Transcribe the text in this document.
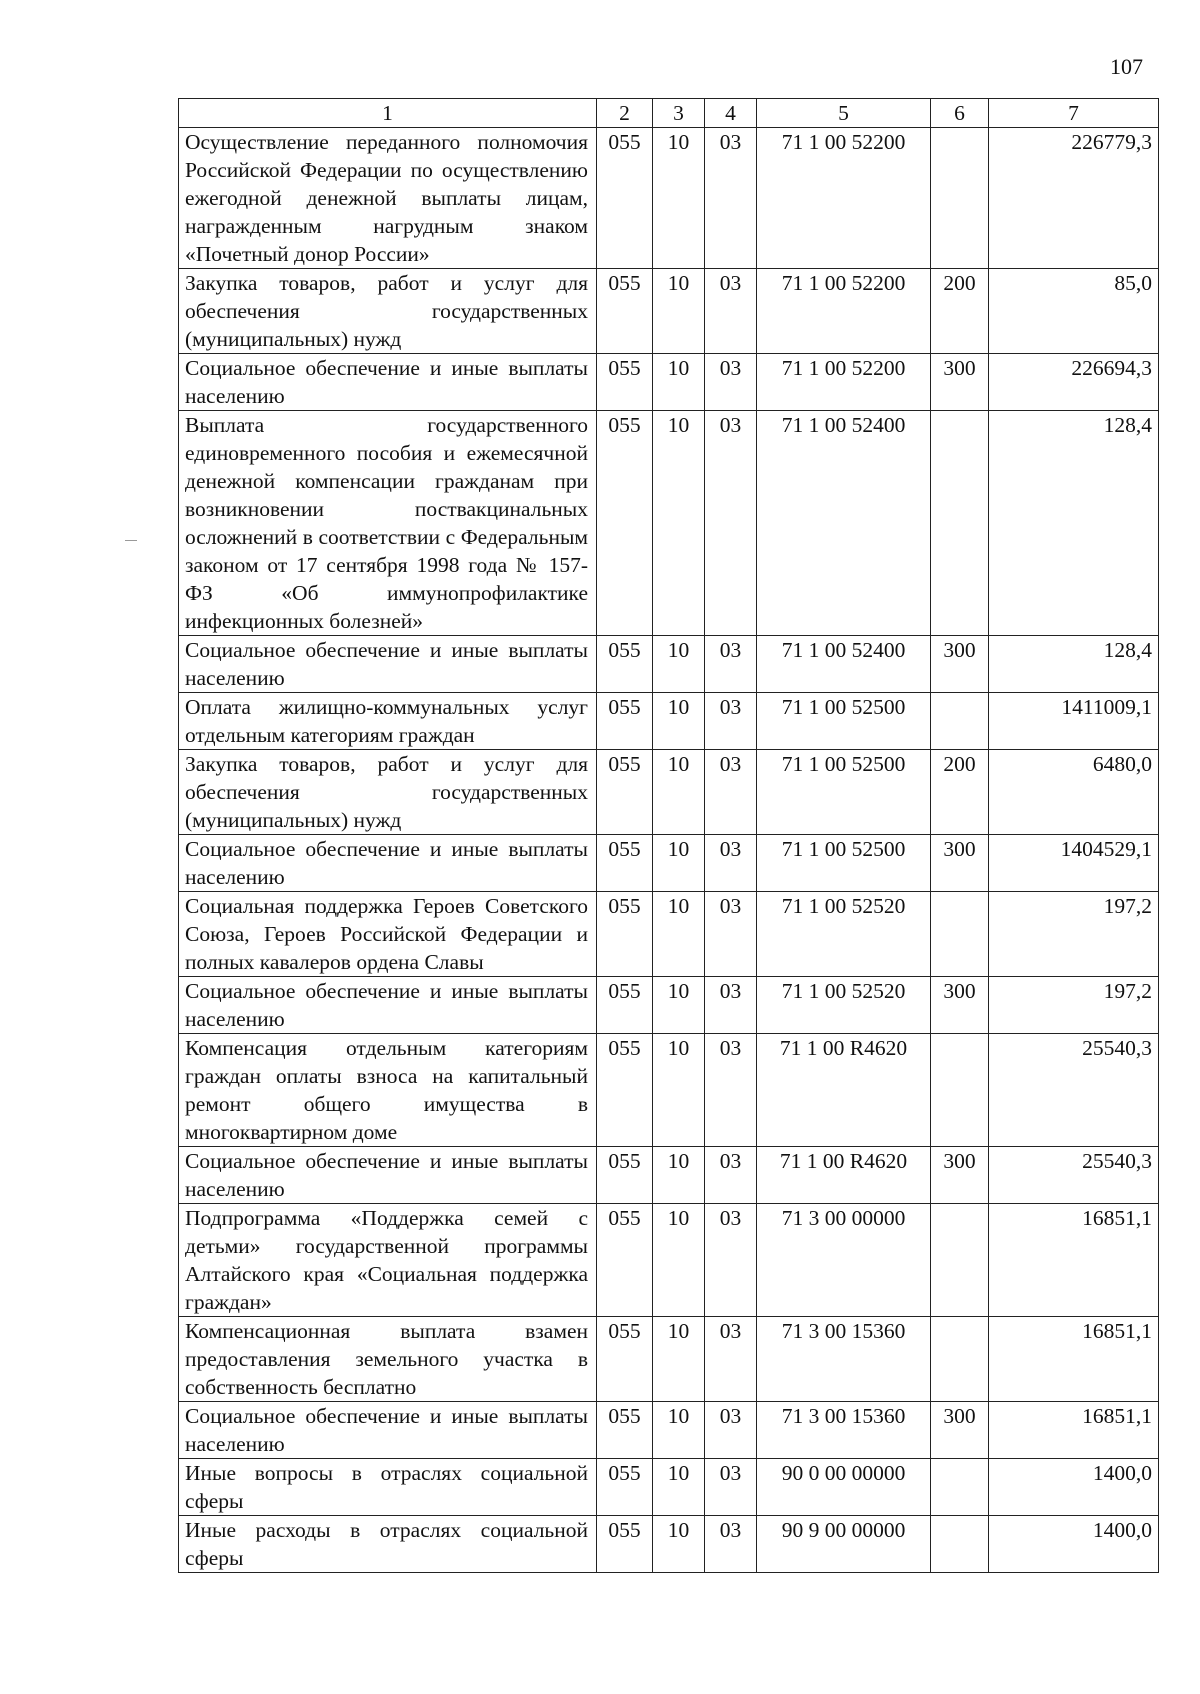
107
1	2	3	4	5	6	7
Осуществление переданного полномочия Российской Федерации по осуществлению ежегодной денежной выплаты лицам, награжденным нагрудным знаком «Почетный донор России»	055	10	03	71 1 00 52200		226779,3
Закупка товаров, работ и услуг для обеспечения государственных (муниципальных) нужд	055	10	03	71 1 00 52200	200	85,0
Социальное обеспечение и иные выплаты населению	055	10	03	71 1 00 52200	300	226694,3
Выплата государственного единовременного пособия и ежемесячной денежной компенсации гражданам при возникновении поствакцинальных осложнений в соответствии с Федеральным законом от 17 сентября 1998 года № 157-ФЗ «Об иммунопрофилактике инфекционных болезней»	055	10	03	71 1 00 52400		128,4
Социальное обеспечение и иные выплаты населению	055	10	03	71 1 00 52400	300	128,4
Оплата жилищно-коммунальных услуг отдельным категориям граждан	055	10	03	71 1 00 52500		1411009,1
Закупка товаров, работ и услуг для обеспечения государственных (муниципальных) нужд	055	10	03	71 1 00 52500	200	6480,0
Социальное обеспечение и иные выплаты населению	055	10	03	71 1 00 52500	300	1404529,1
Социальная поддержка Героев Советского Союза, Героев Российской Федерации и полных кавалеров ордена Славы	055	10	03	71 1 00 52520		197,2
Социальное обеспечение и иные выплаты населению	055	10	03	71 1 00 52520	300	197,2
Компенсация отдельным категориям граждан оплаты взноса на капитальный ремонт общего имущества в многоквартирном доме	055	10	03	71 1 00 R4620		25540,3
Социальное обеспечение и иные выплаты населению	055	10	03	71 1 00 R4620	300	25540,3
Подпрограмма «Поддержка семей с детьми» государственной программы Алтайского края «Социальная поддержка граждан»	055	10	03	71 3 00 00000		16851,1
Компенсационная выплата взамен предоставления земельного участка в собственность бесплатно	055	10	03	71 3 00 15360		16851,1
Социальное обеспечение и иные выплаты населению	055	10	03	71 3 00 15360	300	16851,1
Иные вопросы в отраслях социальной сферы	055	10	03	90 0 00 00000		1400,0
Иные расходы в отраслях социальной сферы	055	10	03	90 9 00 00000		1400,0
